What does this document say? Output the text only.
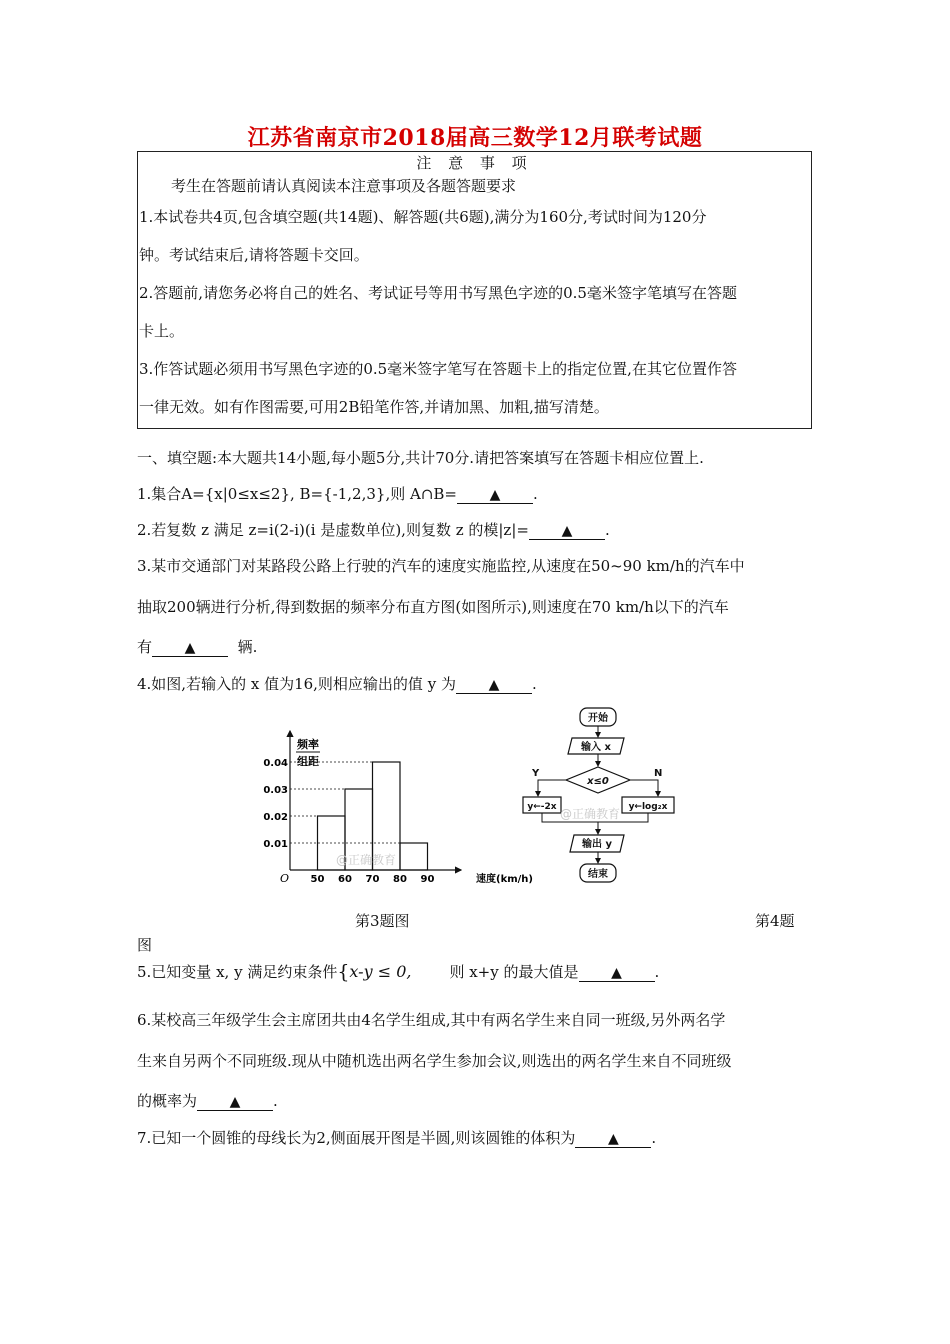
江苏省南京市2018届高三数学12月联考试题
注 意 事 项
考生在答题前请认真阅读本注意事项及各题答题要求
1.本试卷共4页,包含填空题(共14题)、解答题(共6题),满分为160分,考试时间为120分
钟。考试结束后,请将答题卡交回。
2.答题前,请您务必将自己的姓名、考试证号等用书写黑色字迹的0.5毫米签字笔填写在答题
卡上。
3.作答试题必须用书写黑色字迹的0.5毫米签字笔写在答题卡上的指定位置,在其它位置作答
一律无效。如有作图需要,可用2B铅笔作答,并请加黑、加粗,描写清楚。
一、填空题:本大题共14小题,每小题5分,共计70分.请把答案填写在答题卡相应位置上.
1.集合A={x|0≤x≤2}, B={-1,2,3},则 A∩B= ▲ .
2.若复数 z 满足 z=i(2-i)(i 是虚数单位),则复数 z 的模|z|= ▲ .
3.某市交通部门对某路段公路上行驶的汽车的速度实施监控,从速度在50~90 km/h的汽车中
抽取200辆进行分析,得到数据的频率分布直方图(如图所示),则速度在70 km/h以下的汽车
有 ▲	辆.
4.如图,若输入的 x 值为16,则相应输出的值 y 为 ▲ .
频率
组距
0.01
0.02
0.03
0.04
50 60 70 80 90	速度(km/h)
O
@正确教育
开始
输入 x
x≤0
Y	N
y←-2x	y←log₂x
输出 y
结束
@正确教育
第3题图	第4题
图
5.已知变量 x, y 满足约束条件{x-y ≤ 0,	则 x+y 的最大值是 ▲ .
6.某校高三年级学生会主席团共由4名学生组成,其中有两名学生来自同一班级,另外两名学
生来自另两个不同班级.现从中随机选出两名学生参加会议,则选出的两名学生来自不同班级
的概率为 ▲ .
7.已知一个圆锥的母线长为2,侧面展开图是半圆,则该圆锥的体积为 ▲ .
